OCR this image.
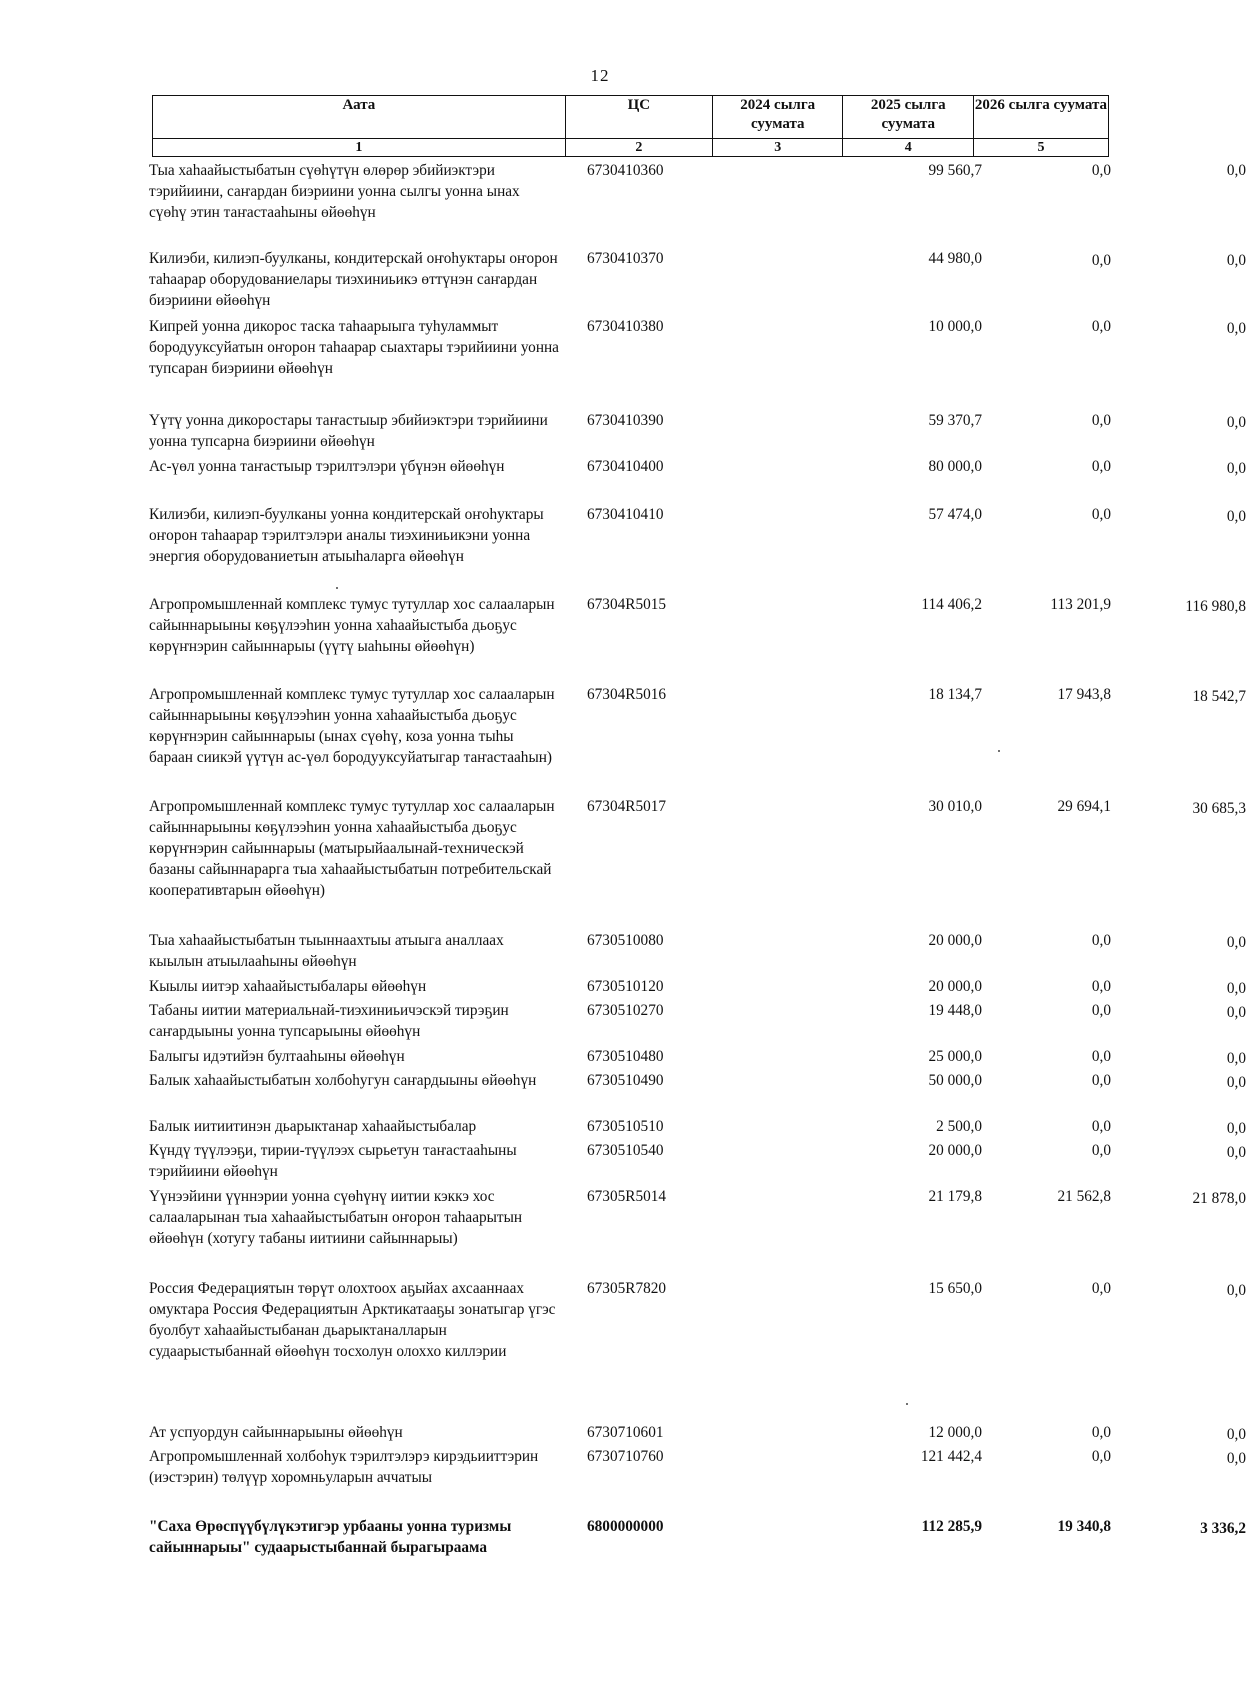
12
Аата	ЦС	2024 сылга суумата	2025 сылга суумата	2026 сылга суумата
1	2	3	4	5
Тыа хаһаайыстыбатын сүөһүтүн өлөрөр эбийиэктэри тэрийиини, саҥардан биэриини уонна сылгы уонна ынах сүөһү этин таҥастааһыны өйөөһүн
6730410360	99 560,7	0,0	0,0
Килиэби, килиэп-буулканы, кондитерскай оҥоһуктары оҥорон таһаарар оборудованиелары тиэхиниьикэ өттүнэн саҥардан биэриини өйөөһүн
6730410370	44 980,0	0,0	0,0
Кипрей уонна дикорос таска таһаарыыга туһуламмыт бородууксуйатын оҥорон таһаарар сыахтары тэрийиини уонна тупсаран биэриини өйөөһүн
6730410380	10 000,0	0,0	0,0
Үүтү уонна дикоростары таҥастыыр эбийиэктэри тэрийиини уонна тупсарна биэриини өйөөһүн
6730410390	59 370,7	0,0	0,0
Ас-үөл уонна таҥастыыр тэрилтэлэри үбүнэн өйөөһүн	6730410400	80 000,0	0,0	0,0
Килиэби, килиэп-буулканы уонна кондитерскай оҥоһуктары оҥорон таһаарар тэрилтэлэри аналы тиэхиниьикэни уонна энергия оборудованиетын атыыһаларга өйөөһүн
6730410410	57 474,0	0,0	0,0
Агропромышленнай комплекс тумус тутуллар хос салааларын сайыннарыыны көҕүлээһин уонна хаһаайыстыба дьоҕус көрүҥнэрин сайыннарыы (үүтү ыаһыны өйөөһүн)
67304R5015	114 406,2	113 201,9	116 980,8
Агропромышленнай комплекс тумус тутуллар хос салааларын сайыннарыыны көҕүлээһин уонна хаһаайыстыба дьоҕус көрүҥнэрин сайыннарыы (ынах сүөһү, коза уонна тыһы бараан сиикэй үүтүн ас-үөл бородууксуйатыгар таҥастааһын)
67304R5016	18 134,7	17 943,8	18 542,7
Агропромышленнай комплекс тумус тутуллар хос салааларын сайыннарыыны көҕүлээһин уонна хаһаайыстыба дьоҕус көрүҥнэрин сайыннарыы (матырыйаалынай-техническэй базаны сайыннарарга тыа хаһаайыстыбатын потребительскай кооперативтарын өйөөһүн)
67304R5017	30 010,0	29 694,1	30 685,3
Тыа хаһаайыстыбатын тыыннаахтыы атыыга аналлаах кыылын атыылааһыны өйөөһүн
6730510080	20 000,0	0,0	0,0
Кыылы иитэр хаһаайыстыбалары өйөөһүн	6730510120	20 000,0	0,0	0,0
Табаны иитии материальнай-тиэхиниьичэскэй тирэҕин саҥардыыны уонна тупсарыыны өйөөһүн
6730510270	19 448,0	0,0	0,0
Балыгы идэтийэн бултааһыны өйөөһүн	6730510480	25 000,0	0,0	0,0
Балык хаһаайыстыбатын холбоһугун саҥардыыны өйөөһүн	6730510490	50 000,0	0,0	0,0
Балык иитиитинэн дьарыктанар хаһаайыстыбалар	6730510510	2 500,0	0,0	0,0
Күндү түүлээҕи, тирии-түүлээх сырьетун таҥастааһыны тэрийиини өйөөһүн
6730510540	20 000,0	0,0	0,0
Үүнээйини үүннэрии уонна сүөһүнү иитии кэккэ хос салааларынан тыа хаһаайыстыбатын оҥорон таһаарытын өйөөһүн (хотугу табаны иитиини сайыннарыы)
67305R5014	21 179,8	21 562,8	21 878,0
Россия Федерациятын төрүт олохтоох аҕыйах ахсааннаах омуктара Россия Федерациятын Арктикатааҕы зонатыгар үгэс буолбут хаһаайыстыбанан дьарыктаналларын судаарыстыбаннай өйөөһүн тосхолун олоххо киллэрии
67305R7820	15 650,0	0,0	0,0
Ат успуордун сайыннарыыны өйөөһүн	6730710601	12 000,0	0,0	0,0
Агропромышленнай холбоһук тэрилтэлэрэ кирэдьииттэрин (иэстэрин) төлүүр хоромньуларын аччатыы
6730710760	121 442,4	0,0	0,0
"Саха Өрөспүүбүлүкэтигэр урбааны уонна туризмы сайыннарыы" судаарыстыбаннай бырагыраама
6800000000	112 285,9	19 340,8	3 336,2
